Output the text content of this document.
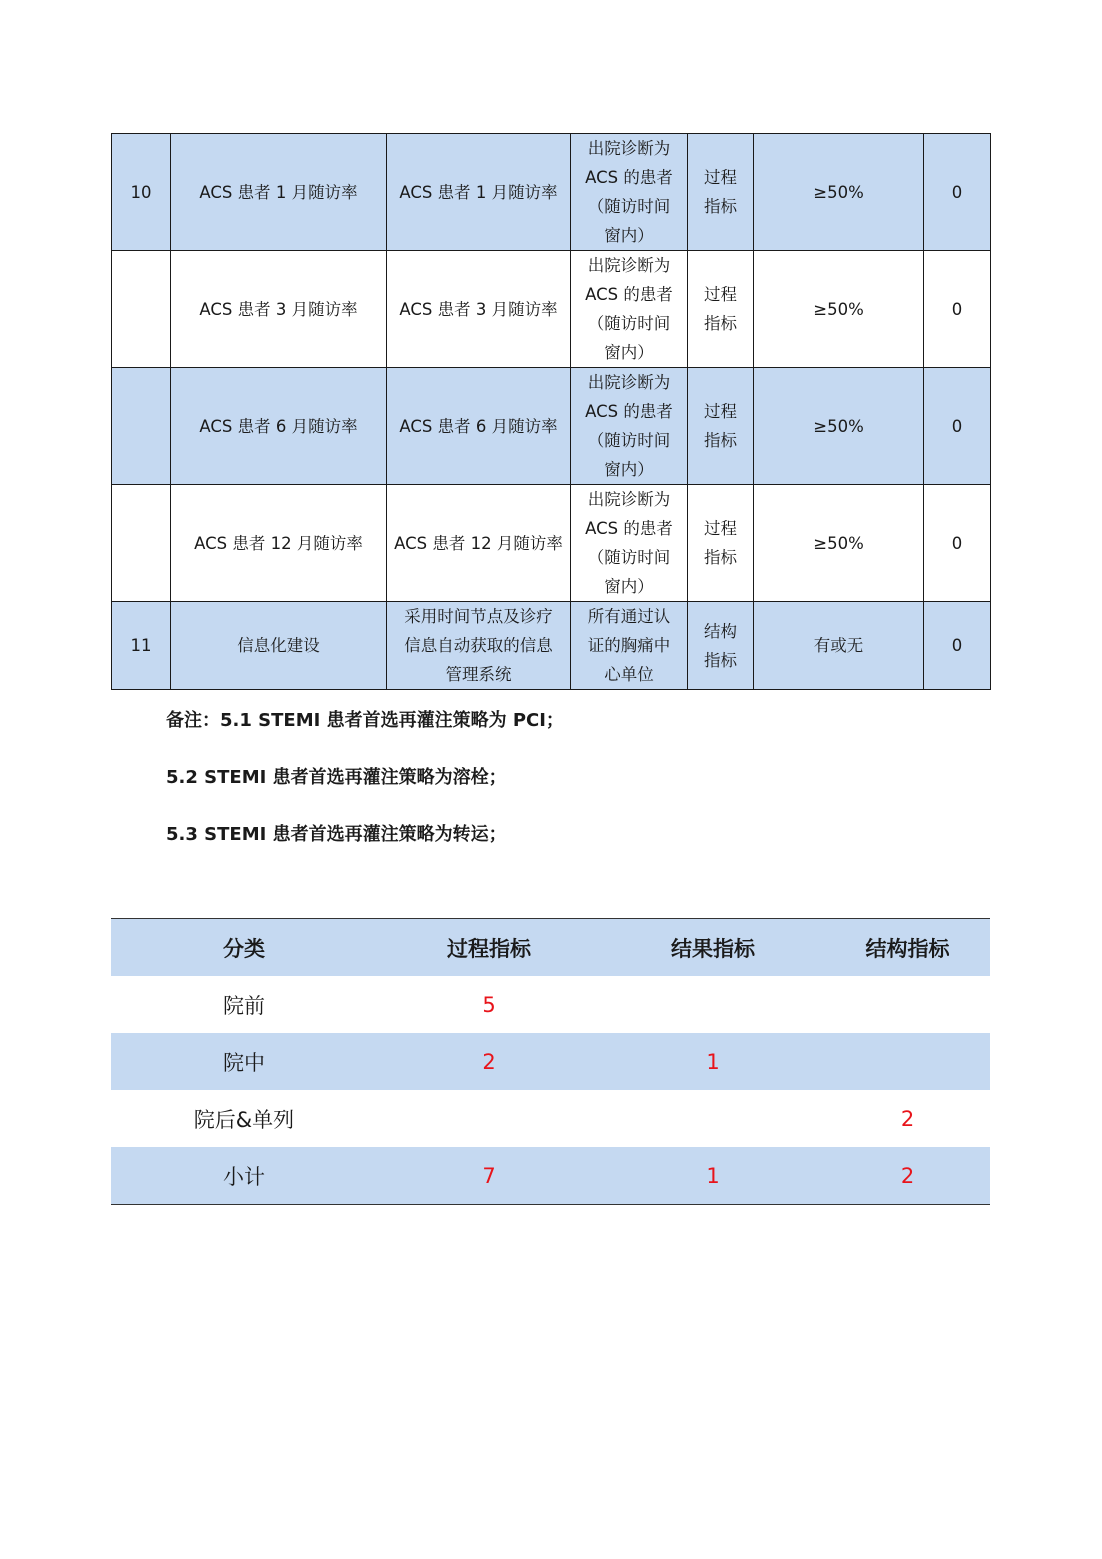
10	ACS 患者 1 月随访率	ACS 患者 1 月随访率	出院诊断为ACS 的患者（随访时间窗内）	过程指标	≥50%	0
	ACS 患者 3 月随访率	ACS 患者 3 月随访率	出院诊断为ACS 的患者（随访时间窗内）	过程指标	≥50%	0
	ACS 患者 6 月随访率	ACS 患者 6 月随访率	出院诊断为ACS 的患者（随访时间窗内）	过程指标	≥50%	0
	ACS 患者 12 月随访率	ACS 患者 12 月随访率	出院诊断为ACS 的患者（随访时间窗内）	过程指标	≥50%	0
11	信息化建设	采用时间节点及诊疗信息自动获取的信息管理系统	所有通过认证的胸痛中心单位	结构指标	有或无	0
备注：5.1 STEMI 患者首选再灌注策略为 PCI；
5.2 STEMI 患者首选再灌注策略为溶栓；
5.3 STEMI 患者首选再灌注策略为转运；
分类	过程指标	结果指标	结构指标
院前	5		
院中	2	1	
院后&单列			2
小计	7	1	2
